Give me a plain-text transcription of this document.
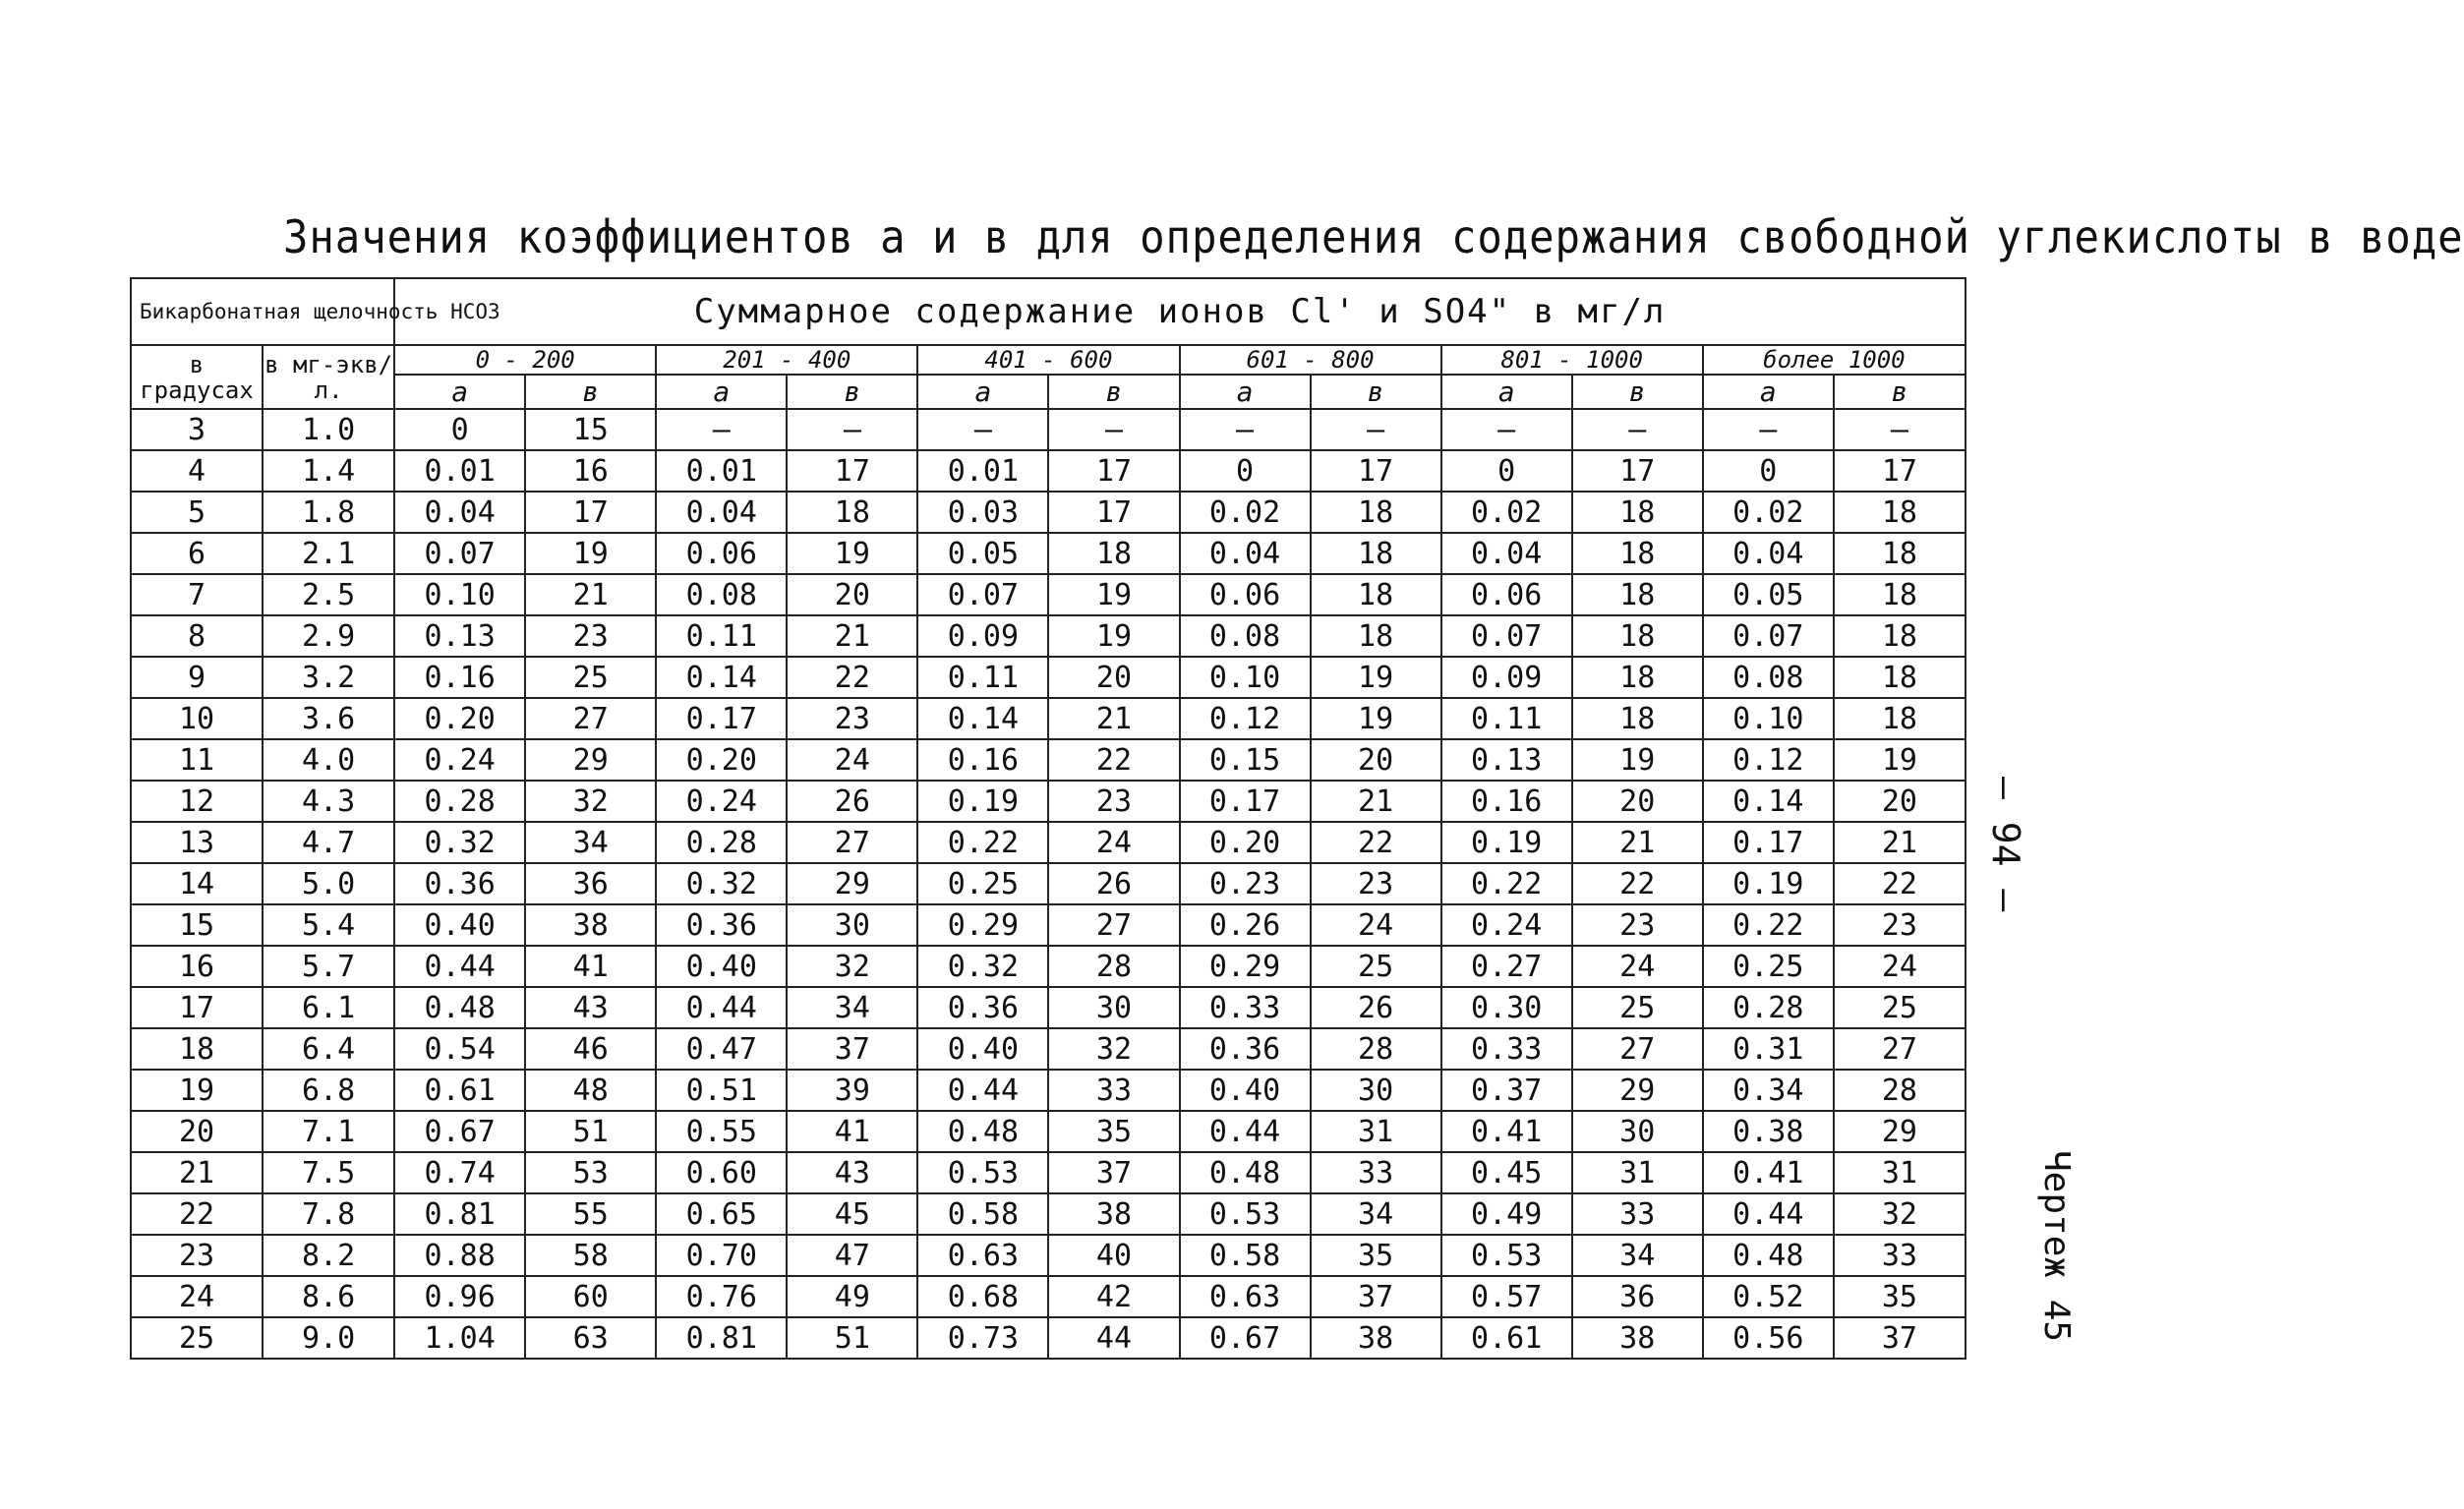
Значения коэффициентов a и в для определения содержания свободной углекислоты в воде
Бикарбонатная щелочность HCO3		Суммарное содержание ионов Cl' и SO4" в мг/л											
в градусах	в мг-экв/л.	0 - 200		201 - 400		401 - 600		601 - 800		801 - 1000		более 1000	
		a	в	a	в	a	в	a	в	a	в	a	в
3	1.0	0	15	–	–	–	–	–	–	–	–	–	–
4	1.4	0.01	16	0.01	17	0.01	17	0	17	0	17	0	17
5	1.8	0.04	17	0.04	18	0.03	17	0.02	18	0.02	18	0.02	18
6	2.1	0.07	19	0.06	19	0.05	18	0.04	18	0.04	18	0.04	18
7	2.5	0.10	21	0.08	20	0.07	19	0.06	18	0.06	18	0.05	18
8	2.9	0.13	23	0.11	21	0.09	19	0.08	18	0.07	18	0.07	18
9	3.2	0.16	25	0.14	22	0.11	20	0.10	19	0.09	18	0.08	18
10	3.6	0.20	27	0.17	23	0.14	21	0.12	19	0.11	18	0.10	18
11	4.0	0.24	29	0.20	24	0.16	22	0.15	20	0.13	19	0.12	19
12	4.3	0.28	32	0.24	26	0.19	23	0.17	21	0.16	20	0.14	20
13	4.7	0.32	34	0.28	27	0.22	24	0.20	22	0.19	21	0.17	21
14	5.0	0.36	36	0.32	29	0.25	26	0.23	23	0.22	22	0.19	22
15	5.4	0.40	38	0.36	30	0.29	27	0.26	24	0.24	23	0.22	23
16	5.7	0.44	41	0.40	32	0.32	28	0.29	25	0.27	24	0.25	24
17	6.1	0.48	43	0.44	34	0.36	30	0.33	26	0.30	25	0.28	25
18	6.4	0.54	46	0.47	37	0.40	32	0.36	28	0.33	27	0.31	27
19	6.8	0.61	48	0.51	39	0.44	33	0.40	30	0.37	29	0.34	28
20	7.1	0.67	51	0.55	41	0.48	35	0.44	31	0.41	30	0.38	29
21	7.5	0.74	53	0.60	43	0.53	37	0.48	33	0.45	31	0.41	31
22	7.8	0.81	55	0.65	45	0.58	38	0.53	34	0.49	33	0.44	32
23	8.2	0.88	58	0.70	47	0.63	40	0.58	35	0.53	34	0.48	33
24	8.6	0.96	60	0.76	49	0.68	42	0.63	37	0.57	36	0.52	35
25	9.0	1.04	63	0.81	51	0.73	44	0.67	38	0.61	38	0.56	37
– 94 –
Чертеж 45
